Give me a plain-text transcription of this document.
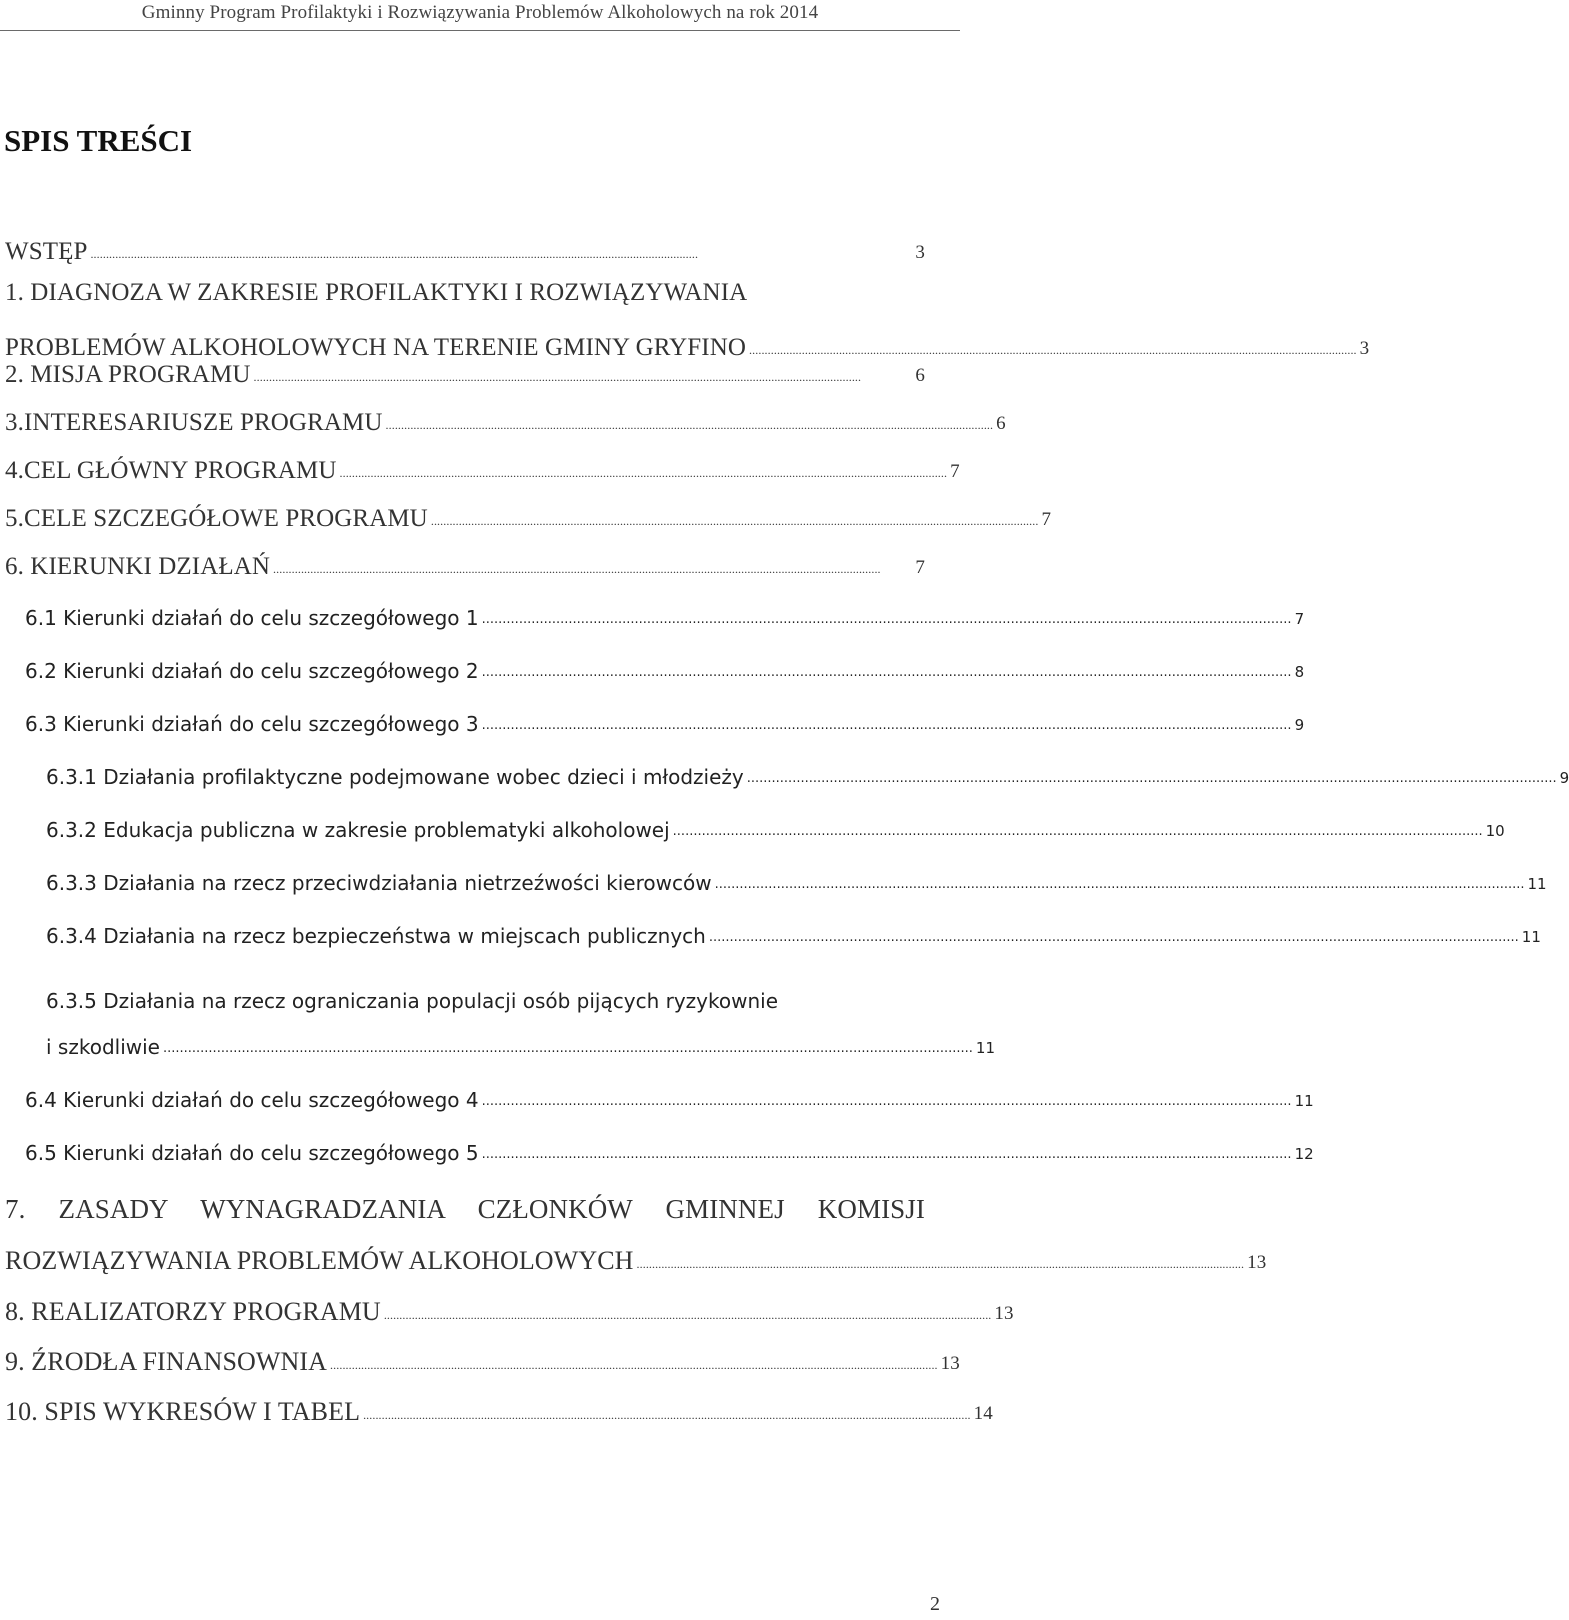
Gminny Program Profilaktyki i Rozwiązywania Problemów Alkoholowych na rok 2014
SPIS TREŚCI
WSTĘP ....................................................................................................................................................................................................	3
1. DIAGNOZA W ZAKRESIE PROFILAKTYKI I ROZWIĄZYWANIA
PROBLEMÓW ALKOHOLOWYCH NA TERENIE GMINY GRYFINO .................................................................................................................................................................................................... 3
2. MISJA PROGRAMU ....................................................................................................................................................................................................	6
3.INTERESARIUSZE PROGRAMU .................................................................................................................................................................................................... 6
4.CEL GŁÓWNY PROGRAMU .................................................................................................................................................................................................... 7
5.CELE SZCZEGÓŁOWE PROGRAMU .................................................................................................................................................................................................... 7
6. KIERUNKI DZIAŁAŃ ....................................................................................................................................................................................................	7
6.1 Kierunki działań do celu szczegółowego 1 .................................................................................................................................................................................................... 7
6.2 Kierunki działań do celu szczegółowego 2 .................................................................................................................................................................................................... 8
6.3 Kierunki działań do celu szczegółowego 3 .................................................................................................................................................................................................... 9
6.3.1 Działania profilaktyczne podejmowane wobec dzieci i młodzieży .................................................................................................................................................................................................... 9
6.3.2 Edukacja publiczna w zakresie problematyki alkoholowej .................................................................................................................................................................................................... 10
6.3.3 Działania na rzecz przeciwdziałania nietrzeźwości kierowców .................................................................................................................................................................................................... 11
6.3.4 Działania na rzecz bezpieczeństwa w miejscach publicznych .................................................................................................................................................................................................... 11
6.3.5 Działania na rzecz ograniczania populacji osób pijących ryzykownie
i szkodliwie .................................................................................................................................................................................................... 11
6.4 Kierunki działań do celu szczegółowego 4 .................................................................................................................................................................................................... 11
6.5 Kierunki działań do celu szczegółowego 5 .................................................................................................................................................................................................... 12
7. ZASADY WYNAGRADZANIA CZŁONKÓW GMINNEJ KOMISJI
ROZWIĄZYWANIA PROBLEMÓW ALKOHOLOWYCH .................................................................................................................................................................................................... 13
8. REALIZATORZY PROGRAMU .................................................................................................................................................................................................... 13
9. ŹRODŁA FINANSOWNIA .................................................................................................................................................................................................... 13
10. SPIS WYKRESÓW I TABEL .................................................................................................................................................................................................... 14
2
